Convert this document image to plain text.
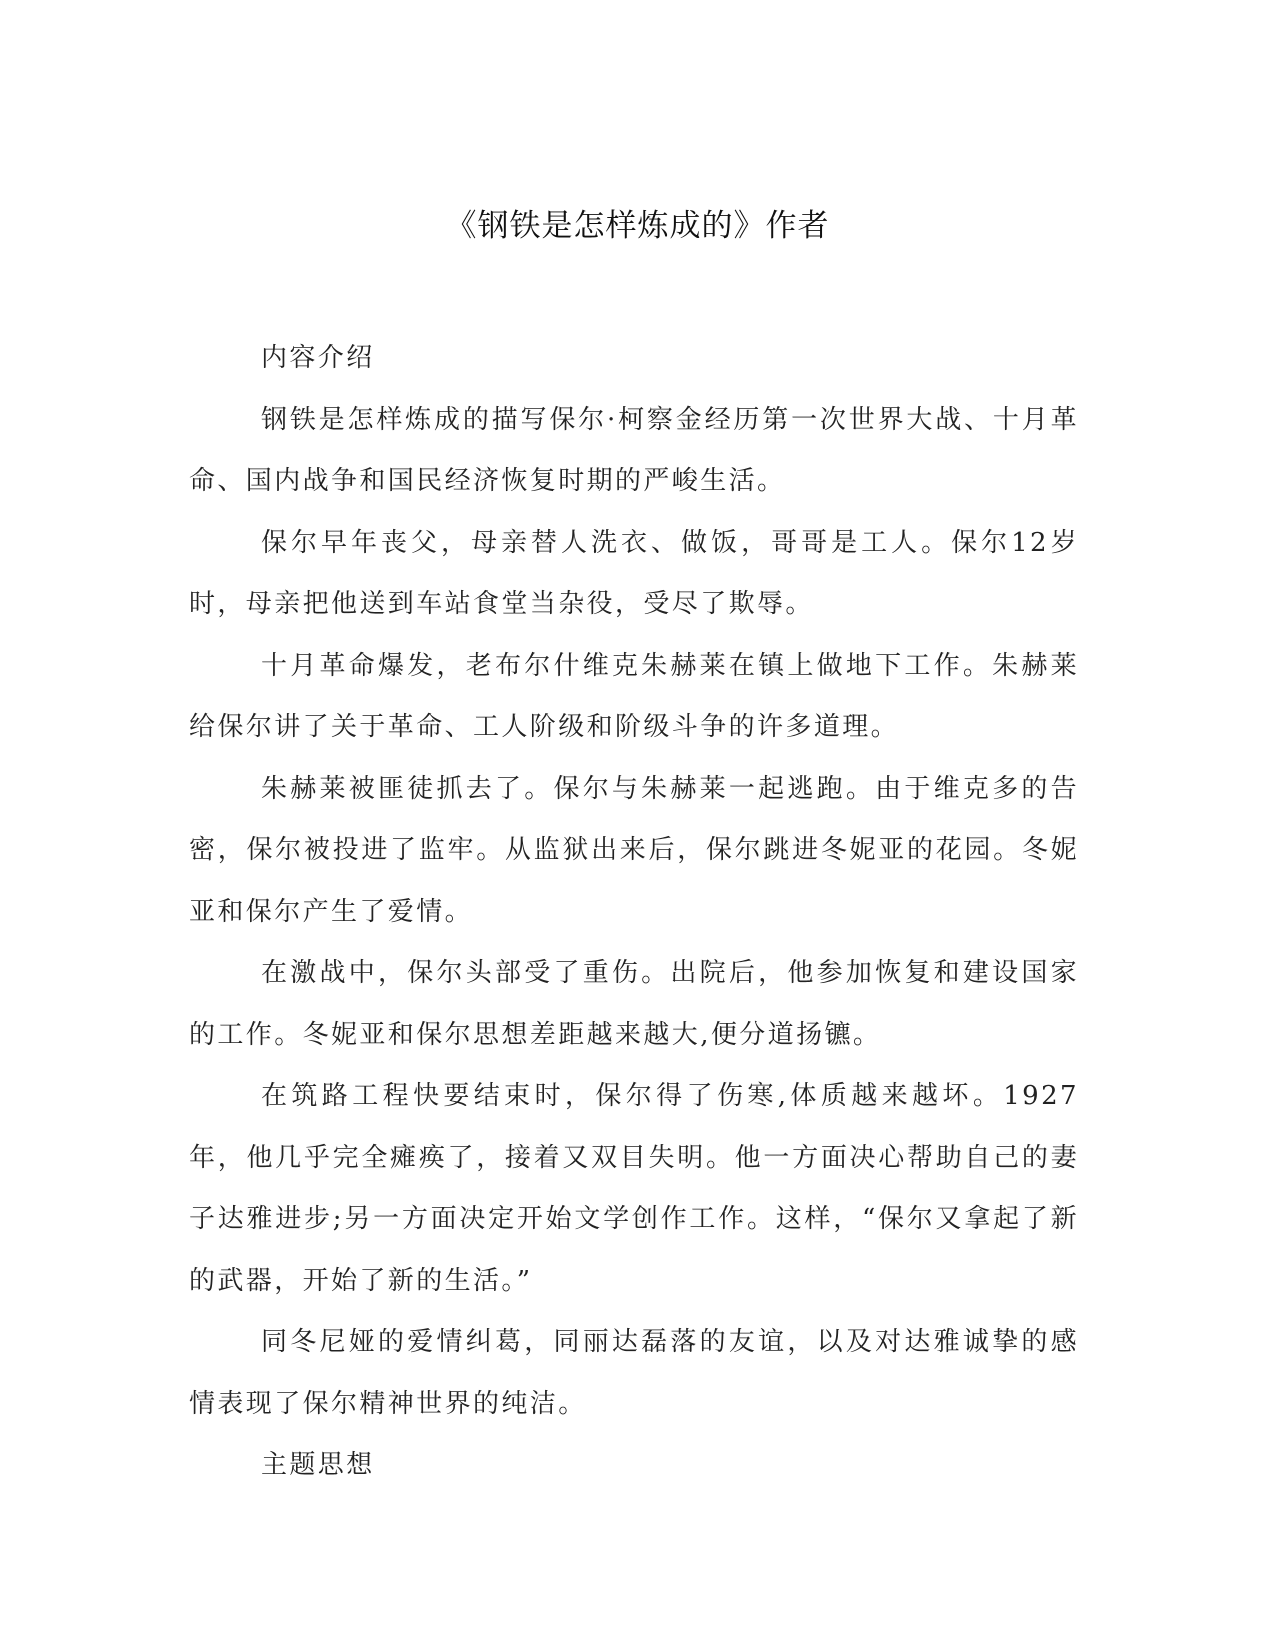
《钢铁是怎样炼成的》作者

内容介绍

钢铁是怎样炼成的描写保尔·柯察金经历第一次世界大战、十月革命、国内战争和国民经济恢复时期的严峻生活。

保尔早年丧父，母亲替人洗衣、做饭，哥哥是工人。保尔12岁时，母亲把他送到车站食堂当杂役，受尽了欺辱。

十月革命爆发，老布尔什维克朱赫莱在镇上做地下工作。朱赫莱给保尔讲了关于革命、工人阶级和阶级斗争的许多道理。

朱赫莱被匪徒抓去了。保尔与朱赫莱一起逃跑。由于维克多的告密，保尔被投进了监牢。从监狱出来后，保尔跳进冬妮亚的花园。冬妮亚和保尔产生了爱情。

在激战中，保尔头部受了重伤。出院后，他参加恢复和建设国家的工作。冬妮亚和保尔思想差距越来越大,便分道扬镳。

在筑路工程快要结束时，保尔得了伤寒,体质越来越坏。1927年，他几乎完全瘫痪了，接着又双目失明。他一方面决心帮助自己的妻子达雅进步;另一方面决定开始文学创作工作。这样，“保尔又拿起了新的武器，开始了新的生活。”

同冬尼娅的爱情纠葛，同丽达磊落的友谊，以及对达雅诚挚的感情表现了保尔精神世界的纯洁。

主题思想
